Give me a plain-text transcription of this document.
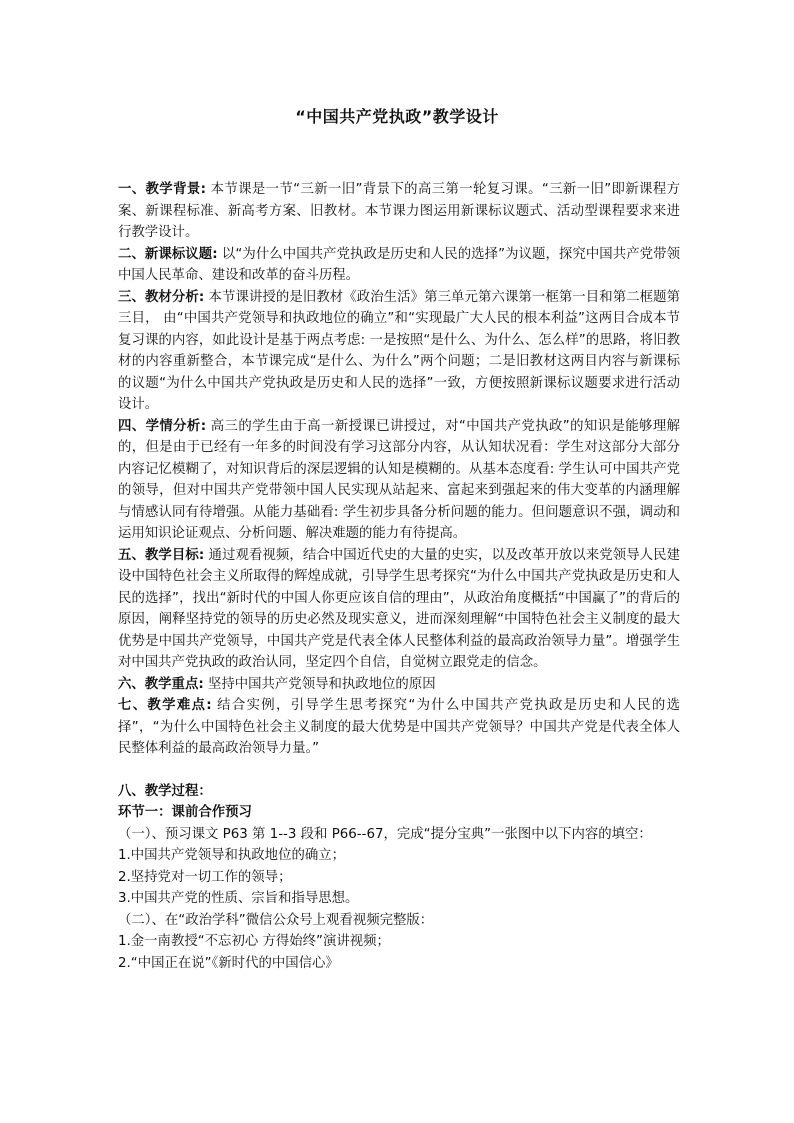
“中国共产党执政”教学设计

一、教学背景: 本节课是一节“三新一旧”背景下的高三第一轮复习课。“三新一旧”即新课程方案、新课程标准、新高考方案、旧教材。本节课力图运用新课标议题式、活动型课程要求来进行教学设计。

二、新课标议题: 以“为什么中国共产党执政是历史和人民的选择”为议题，探究中国共产党带领中国人民革命、建设和改革的奋斗历程。

三、教材分析: 本节课讲授的是旧教材《政治生活》第三单元第六课第一框第一目和第二框题第三目， 由“中国共产党领导和执政地位的确立”和“实现最广大人民的根本利益”这两目合成本节复习课的内容，如此设计是基于两点考虑: 一是按照“是什么、为什么、怎么样”的思路，将旧教材的内容重新整合，本节课完成“是什么、为什么”两个问题；二是旧教材这两目内容与新课标的议题“为什么中国共产党执政是历史和人民的选择”一致，方便按照新课标议题要求进行活动设计。

四、学情分析: 高三的学生由于高一新授课已讲授过，对“中国共产党执政”的知识是能够理解的，但是由于已经有一年多的时间没有学习这部分内容，从认知状况看：学生对这部分大部分内容记忆模糊了，对知识背后的深层逻辑的认知是模糊的。从基本态度看: 学生认可中国共产党的领导，但对中国共产党带领中国人民实现从站起来、富起来到强起来的伟大变革的内涵理解与情感认同有待增强。从能力基础看: 学生初步具备分析问题的能力。但问题意识不强，调动和运用知识论证观点、分析问题、解决难题的能力有待提高。

五、教学目标: 通过观看视频，结合中国近代史的大量的史实，以及改革开放以来党领导人民建设中国特色社会主义所取得的辉煌成就，引导学生思考探究“为什么中国共产党执政是历史和人民的选择”，找出“新时代的中国人你更应该自信的理由”，从政治角度概括“中国赢了”的背后的原因，阐释坚持党的领导的历史必然及现实意义，进而深刻理解“中国特色社会主义制度的最大优势是中国共产党领导，中国共产党是代表全体人民整体利益的最高政治领导力量”。增强学生对中国共产党执政的政治认同，坚定四个自信，自觉树立跟党走的信念。

六、教学重点: 坚持中国共产党领导和执政地位的原因

七、教学难点: 结合实例，引导学生思考探究“为什么中国共产党执政是历史和人民的选择”，“为什么中国特色社会主义制度的最大优势是中国共产党领导？中国共产党是代表全体人民整体利益的最高政治领导力量。”

八、教学过程：

环节一：课前合作预习

（一）、预习课文 P63 第 1--3 段和 P66--67，完成“提分宝典”一张图中以下内容的填空：

1.中国共产党领导和执政地位的确立；

2.坚持党对一切工作的领导；

3.中国共产党的性质、宗旨和指导思想。

（二）、在“政治学科”微信公众号上观看视频完整版：

1.金一南教授“不忘初心 方得始终”演讲视频；

2.“中国正在说”《新时代的中国信心》
